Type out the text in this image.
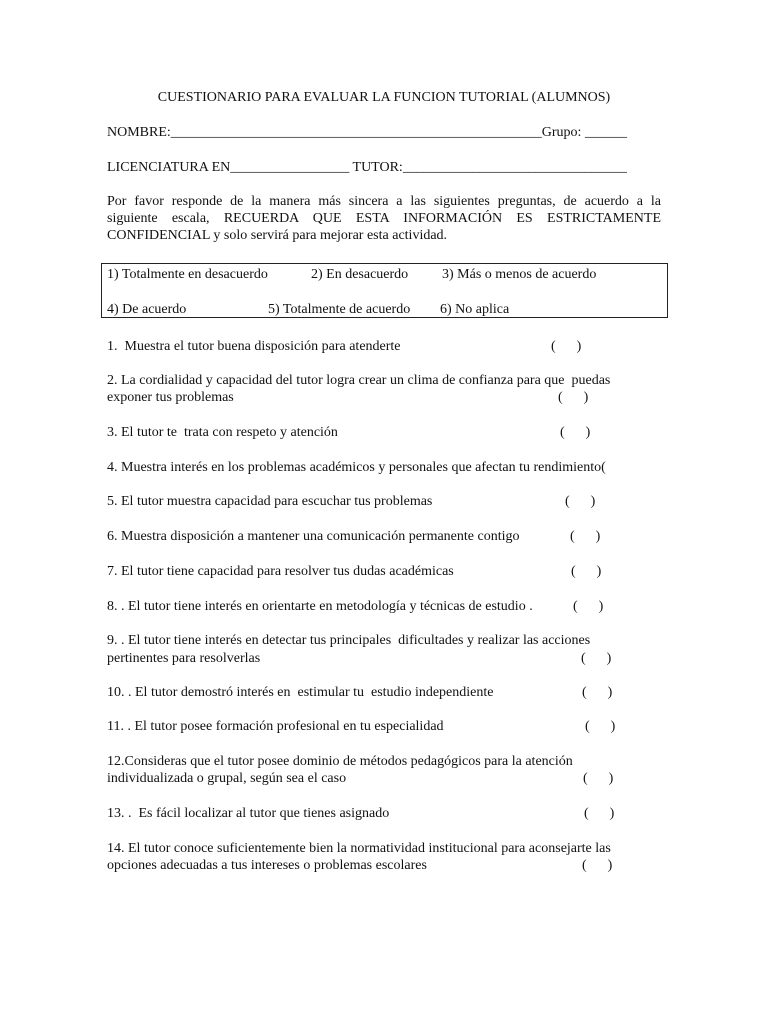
CUESTIONARIO PARA EVALUAR LA FUNCION TUTORIAL (ALUMNOS)
NOMBRE:_____________________________________________________Grupo: ______
LICENCIATURA EN_________________ TUTOR:________________________________
Por favor responde de la manera más sincera a las siguientes preguntas, de acuerdo a la
siguiente escala, RECUERDA QUE ESTA INFORMACIÓN ES ESTRICTAMENTE
CONFIDENCIAL y solo servirá para mejorar esta actividad.
1) Totalmente en desacuerdo	2) En desacuerdo 3) Más o menos de acuerdo
4) De acuerdo	5) Totalmente de acuerdo 6) No aplica
1.  Muestra el tutor buena disposición para atenderte	(      )
2. La cordialidad y capacidad del tutor logra crear un clima de confianza para que  puedas
exponer tus problemas	(      )
3. El tutor te  trata con respeto y atención	(      )
4. Muestra interés en los problemas académicos y personales que afectan tu rendimiento(
5. El tutor muestra capacidad para escuchar tus problemas	(      )
6. Muestra disposición a mantener una comunicación permanente contigo	(      )
7. El tutor tiene capacidad para resolver tus dudas académicas	(      )
8. . El tutor tiene interés en orientarte en metodología y técnicas de estudio .	(      )
9. . El tutor tiene interés en detectar tus principales  dificultades y realizar las acciones
pertinentes para resolverlas	(      )
10. . El tutor demostró interés en  estimular tu  estudio independiente	(      )
11. . El tutor posee formación profesional en tu especialidad	(      )
12.Consideras que el tutor posee dominio de métodos pedagógicos para la atención
individualizada o grupal, según sea el caso	(      )
13. .  Es fácil localizar al tutor que tienes asignado	(      )
14. El tutor conoce suficientemente bien la normatividad institucional para aconsejarte las
opciones adecuadas a tus intereses o problemas escolares	(      )
